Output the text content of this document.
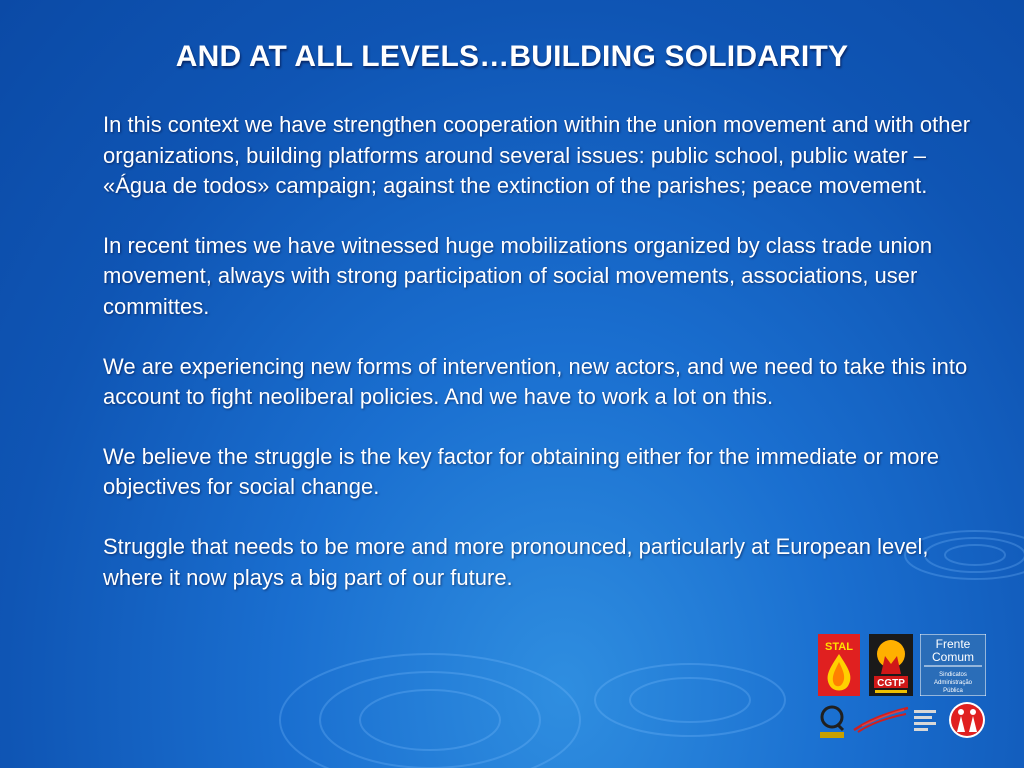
AND AT ALL LEVELS…BUILDING SOLIDARITY

In this context we have strengthen cooperation within the union movement and with other organizations, building platforms around several issues: public school, public water – «Água de todos» campaign; against the extinction of the parishes; peace movement.

In recent times we have witnessed huge mobilizations organized by class trade union movement, always with strong participation of social movements, associations, user committes.

We are experiencing new forms of intervention, new actors, and we need to take this into account to fight neoliberal policies. And we have to work a lot on this.

We believe the struggle is the key factor for obtaining either for the immediate or more objectives for social change.

Struggle that needs to be more and more pronounced, particularly at European level, where it now plays a big part of our future.

STAL
CGTP
Frente
Comum
Sindicatos
Administração
Pública
